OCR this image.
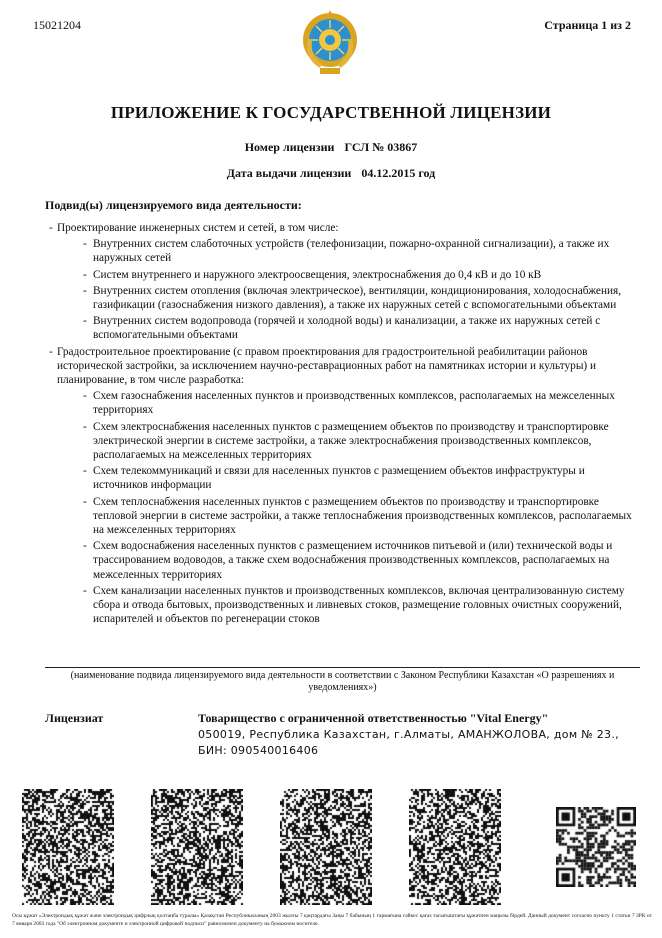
15021204	Страница 1 из 2
ПРИЛОЖЕНИЕ К ГОСУДАРСТВЕННОЙ ЛИЦЕНЗИИ
Номер лицензии ГСЛ № 03867
Дата выдачи лицензии 04.12.2015 год
Подвид(ы) лицензируемого вида деятельности:
- Проектирование инженерных систем и сетей, в том числе:
- Внутренних систем слаботочных устройств (телефонизации, пожарно-охранной сигнализации), а также их наружных сетей
- Систем внутреннего и наружного электроосвещения, электроснабжения до 0,4 кВ и до 10 кВ
- Внутренних систем отопления (включая электрическое), вентиляции, кондиционирования, холодоснабжения, газификации (газоснабжения низкого давления), а также их наружных сетей с вспомогательными объектами
- Внутренних систем водопровода (горячей и холодной воды) и канализации, а также их наружных сетей с вспомогательными объектами
- Градостроительное проектирование (с правом проектирования для градостроительной реабилитации районов исторической застройки, за исключением научно-реставрационных работ на памятниках истории и культуры) и планирование, в том числе разработка:
- Схем газоснабжения населенных пунктов и производственных комплексов, располагаемых на межселенных территориях
- Схем электроснабжения населенных пунктов с размещением объектов по производству и транспортировке электрической энергии в системе застройки, а также электроснабжения производственных комплексов, располагаемых на межселенных территориях
- Схем телекоммуникаций и связи для населенных пунктов с размещением объектов инфраструктуры и источников информации
- Схем теплоснабжения населенных пунктов с размещением объектов по производству и транспортировке тепловой энергии в системе застройки, а также теплоснабжения производственных комплексов, располагаемых на межселенных территориях
- Схем водоснабжения населенных пунктов с размещением источников питьевой и (или) технической воды и трассированием водоводов, а также схем водоснабжения производственных комплексов, располагаемых на межселенных территориях
- Схем канализации населенных пунктов и производственных комплексов, включая централизованную систему сбора и отвода бытовых, производственных и ливневых стоков, размещение головных очистных сооружений, испарителей и объектов по регенерации стоков
(наименование подвида лицензируемого вида деятельности в соответствии с Законом Республики Казахстан «О разрешениях и уведомлениях»)
Лицензиат	Товарищество с ограниченной ответственностью "Vital Energy"
050019, Республика Казахстан, г.Алматы, АМАНЖОЛОВА, дом № 23., БИН: 090540016406
Осы құжат «Электрондық құжат және электрондық цифрлық қолтаңба туралы» Қазақстан Республикасының 2003 жылғы 7 қаңтардағы Заңы 7 бабының 1 тармағына сәйкес қағаз тасығыштағы құжатпен маңызы бірдей. Данный документ согласно пункту 1 статьи 7 ЗРК от 7 января 2003 года "Об электронном документе и электронной цифровой подписи" равнозначен документу на бумажном носителе.
